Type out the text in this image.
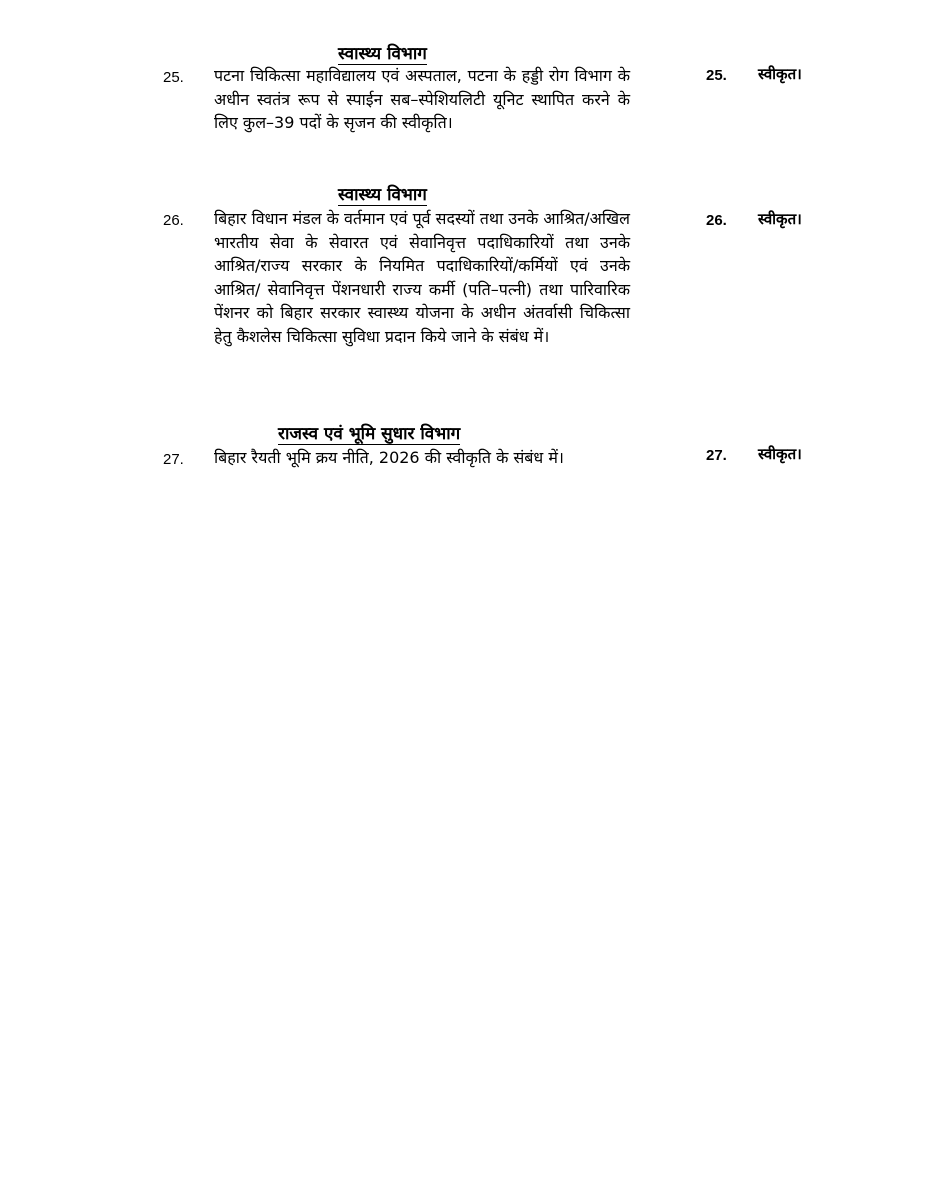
स्वास्थ्य विभाग
25. पटना चिकित्सा महाविद्यालय एवं अस्पताल, पटना के हड्डी रोग विभाग के अधीन स्वतंत्र रूप से स्पाईन सब–स्पेशियलिटी यूनिट स्थापित करने के लिए कुल–39 पदों के सृजन की स्वीकृति।
25. स्वीकृत।
स्वास्थ्य विभाग
26. बिहार विधान मंडल के वर्तमान एवं पूर्व सदस्यों तथा उनके आश्रित/अखिल भारतीय सेवा के सेवारत एवं सेवानिवृत्त पदाधिकारियों तथा उनके आश्रित/राज्य सरकार के नियमित पदाधिकारियों/कर्मियों एवं उनके आश्रित/ सेवानिवृत्त पेंशनधारी राज्य कर्मी (पति–पत्नी) तथा पारिवारिक पेंशनर को बिहार सरकार स्वास्थ्य योजना के अधीन अंतर्वासी चिकित्सा हेतु कैशलेस चिकित्सा सुविधा प्रदान किये जाने के संबंध में।
26. स्वीकृत।
राजस्व एवं भूमि सुधार विभाग
27. बिहार रैयती भूमि क्रय नीति, 2026 की स्वीकृति के संबंध में।	27. स्वीकृत।
